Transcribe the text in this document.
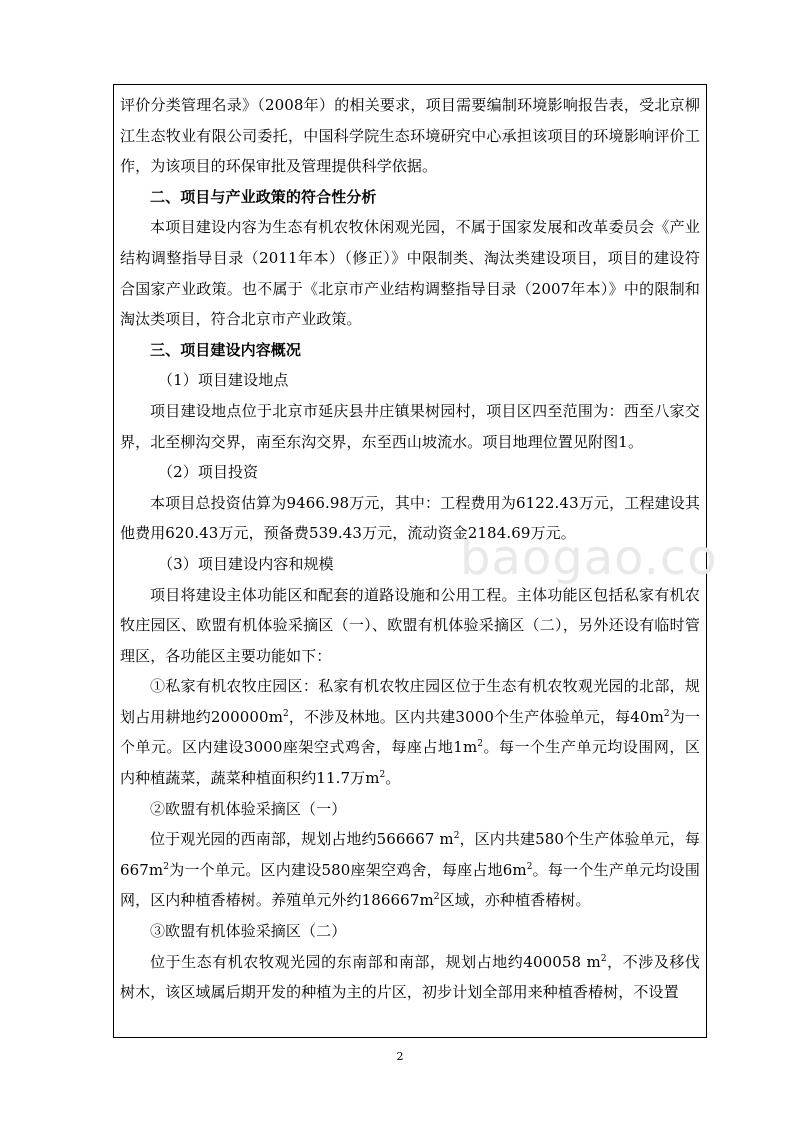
baogao.co

评价分类管理名录》（2008年）的相关要求，项目需要编制环境影响报告表，受北京柳江生态牧业有限公司委托，中国科学院生态环境研究中心承担该项目的环境影响评价工作，为该项目的环保审批及管理提供科学依据。

二、项目与产业政策的符合性分析

本项目建设内容为生态有机农牧休闲观光园，不属于国家发展和改革委员会《产业结构调整指导目录（2011年本）（修正）》中限制类、淘汰类建设项目，项目的建设符合国家产业政策。也不属于《北京市产业结构调整指导目录（2007年本）》中的限制和淘汰类项目，符合北京市产业政策。

三、项目建设内容概况

（1）项目建设地点

项目建设地点位于北京市延庆县井庄镇果树园村，项目区四至范围为：西至八家交界，北至柳沟交界，南至东沟交界，东至西山坡流水。项目地理位置见附图1。

（2）项目投资

本项目总投资估算为9466.98万元，其中：工程费用为6122.43万元，工程建设其他费用620.43万元，预备费539.43万元，流动资金2184.69万元。

（3）项目建设内容和规模

项目将建设主体功能区和配套的道路设施和公用工程。主体功能区包括私家有机农牧庄园区、欧盟有机体验采摘区（一）、欧盟有机体验采摘区（二），另外还设有临时管理区，各功能区主要功能如下：

①私家有机农牧庄园区：私家有机农牧庄园区位于生态有机农牧观光园的北部，规划占用耕地约$200000m^2$，不涉及林地。区内共建3000个生产体验单元，每$40m^2$为一个单元。区内建设3000座架空式鸡舍，每座占地$1m^2$。每一个生产单元均设围网，区内种植蔬菜，蔬菜种植面积约11.7万$m^2$。

②欧盟有机体验采摘区（一）

位于观光园的西南部，规划占地约566667 $m^2$，区内共建580个生产体验单元，每$667m^2$为一个单元。区内建设580座架空鸡舍，每座占地$6m^2$。每一个生产单元均设围网，区内种植香椿树。养殖单元外约$186667m^2$区域，亦种植香椿树。

③欧盟有机体验采摘区（二）

位于生态有机农牧观光园的东南部和南部，规划占地约400058 $m^2$，不涉及移伐树木，该区域属后期开发的种植为主的片区，初步计划全部用来种植香椿树，不设置

2
